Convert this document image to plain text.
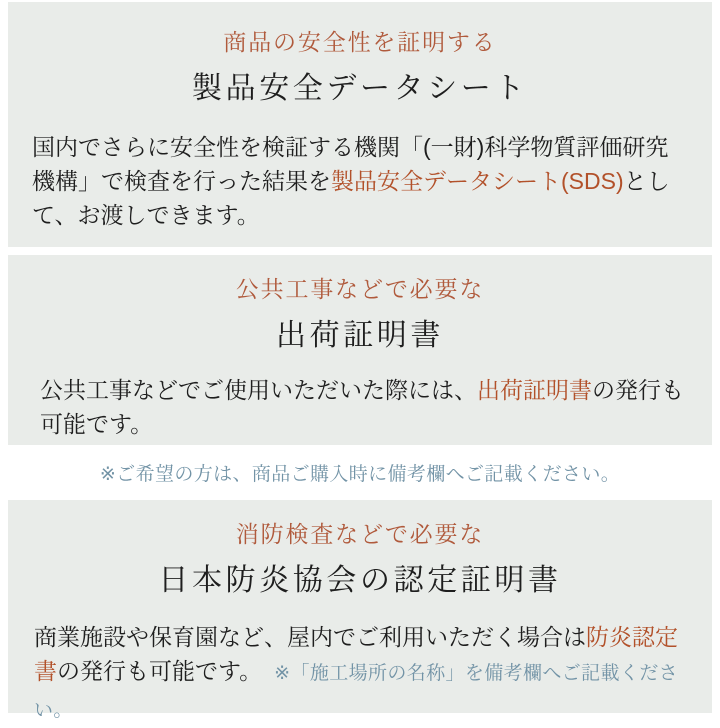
商品の安全性を証明する
製品安全データシート

国内でさらに安全性を検証する機関「(一財)科学物質評価研究機構」で検査を行った結果を製品安全データシート(SDS)として、お渡しできます。

公共工事などで必要な
出荷証明書

公共工事などでご使用いただいた際には、出荷証明書の発行も可能です。

※ご希望の方は、商品ご購入時に備考欄へご記載ください。
消防検査などで必要な
日本防炎協会の認定証明書

商業施設や保育園など、屋内でご利用いただく場合は防炎認定書の発行も可能です。 ※「施工場所の名称」を備考欄へご記載ください。
